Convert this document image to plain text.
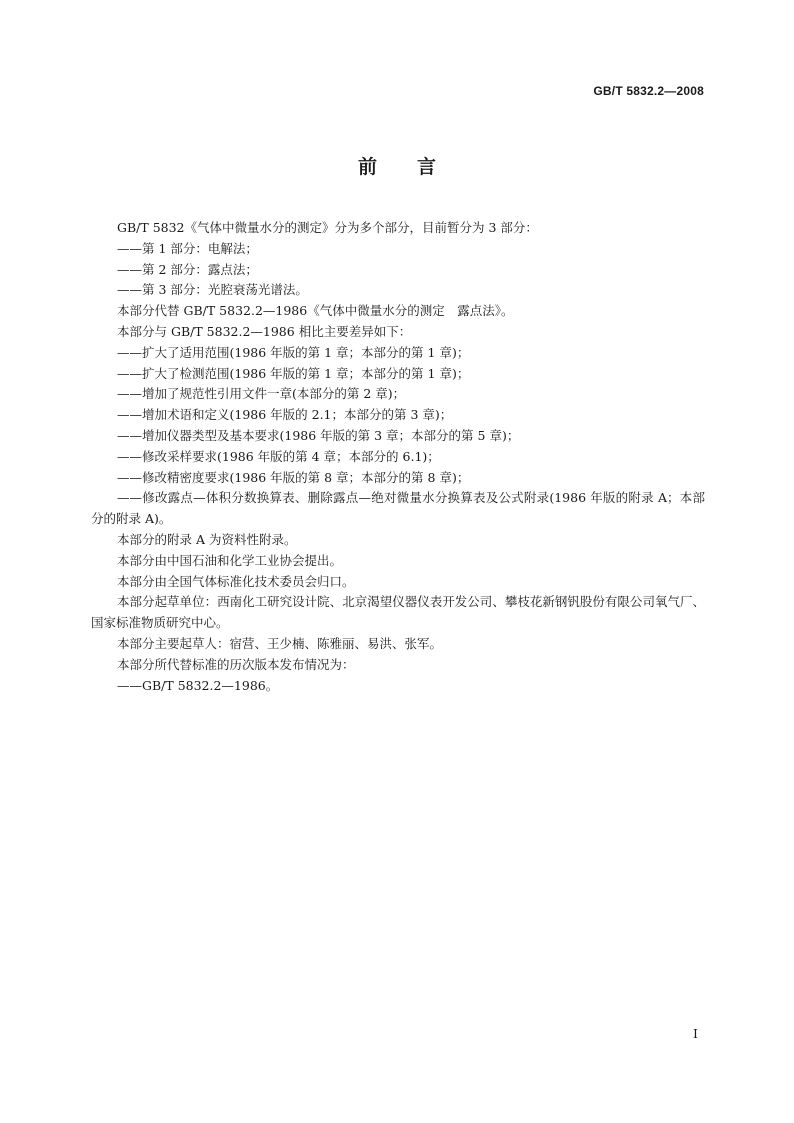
GB/T 5832.2—2008
前言
GB/T 5832《气体中微量水分的测定》分为多个部分，目前暂分为 3 部分：
——第 1 部分：电解法；
——第 2 部分：露点法；
——第 3 部分：光腔衰荡光谱法。
本部分代替 GB/T 5832.2—1986《气体中微量水分的测定　露点法》。
本部分与 GB/T 5832.2—1986 相比主要差异如下：
——扩大了适用范围(1986 年版的第 1 章；本部分的第 1 章)；
——扩大了检测范围(1986 年版的第 1 章；本部分的第 1 章)；
——增加了规范性引用文件一章(本部分的第 2 章)；
——增加术语和定义(1986 年版的 2.1；本部分的第 3 章)；
——增加仪器类型及基本要求(1986 年版的第 3 章；本部分的第 5 章)；
——修改采样要求(1986 年版的第 4 章；本部分的 6.1)；
——修改精密度要求(1986 年版的第 8 章；本部分的第 8 章)；
——修改露点—体积分数换算表、删除露点—绝对微量水分换算表及公式附录(1986 年版的附录 A；本部分的附录 A)。
本部分的附录 A 为资料性附录。
本部分由中国石油和化学工业协会提出。
本部分由全国气体标准化技术委员会归口。
本部分起草单位：西南化工研究设计院、北京渴望仪器仪表开发公司、攀枝花新钢钒股份有限公司氧气厂、国家标准物质研究中心。
本部分主要起草人：宿营、王少楠、陈雅丽、易洪、张军。
本部分所代替标准的历次版本发布情况为：
——GB/T 5832.2—1986。
I
